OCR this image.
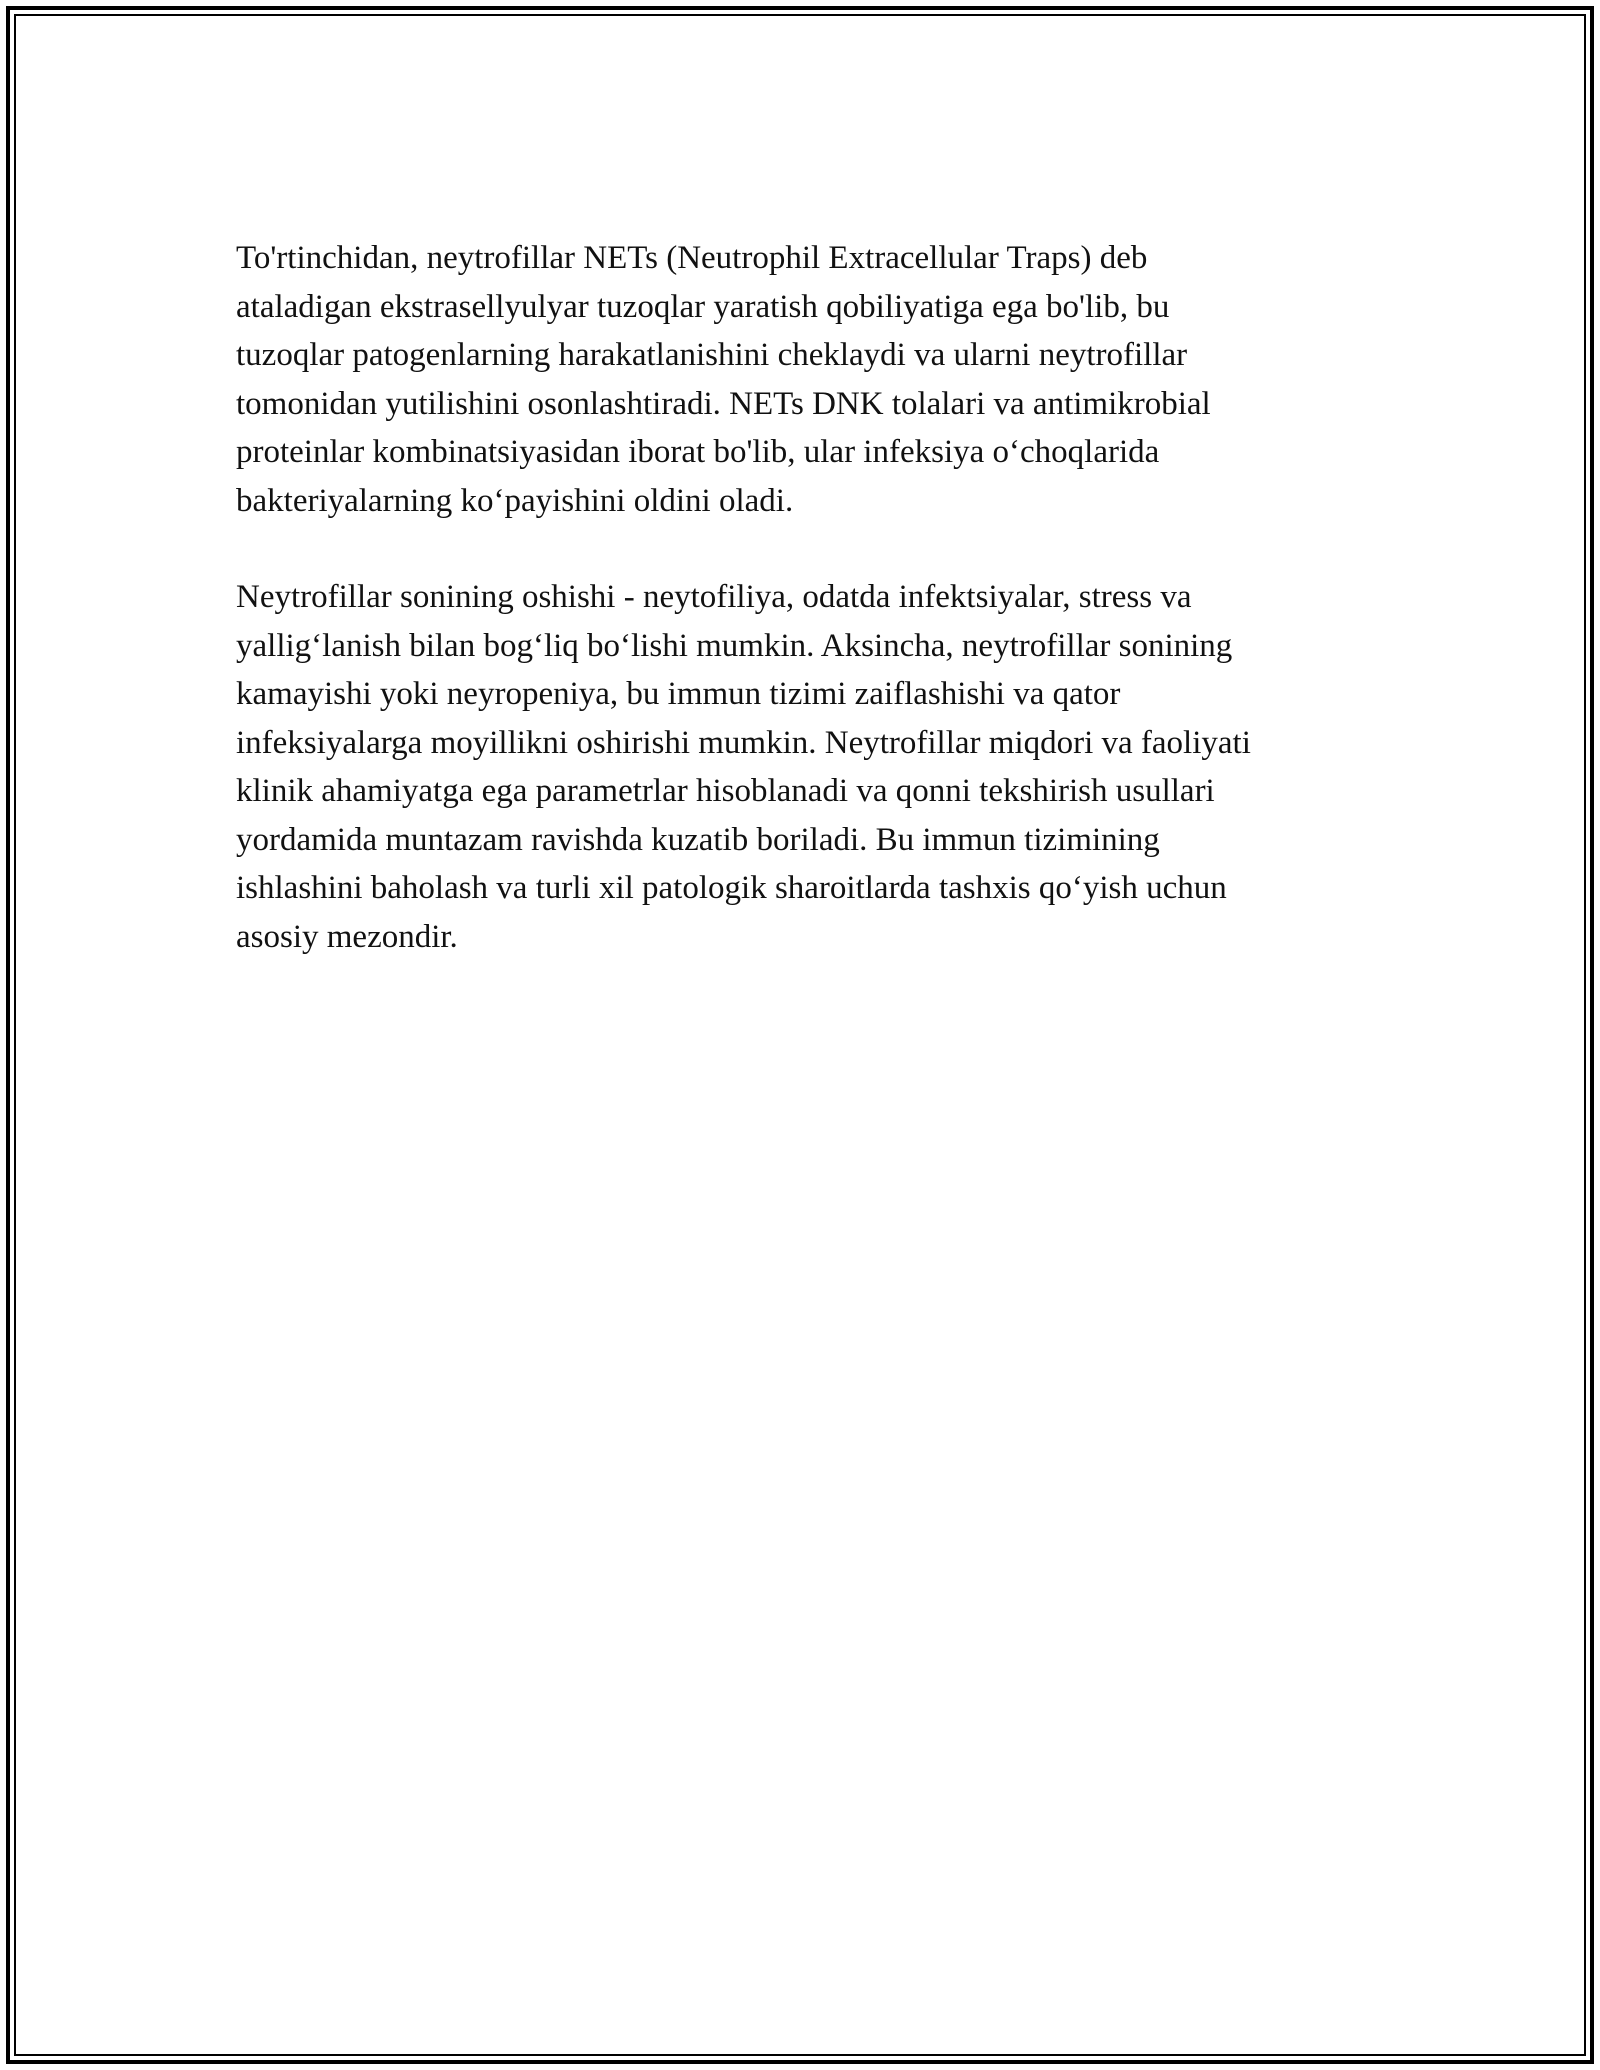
To'rtinchidan, neytrofillar NETs (Neutrophil Extracellular Traps) deb
ataladigan ekstrasellyulyar tuzoqlar yaratish qobiliyatiga ega bo'lib, bu
tuzoqlar patogenlarning harakatlanishini cheklaydi va ularni neytrofillar
tomonidan yutilishini osonlashtiradi. NETs DNK tolalari va antimikrobial
proteinlar kombinatsiyasidan iborat bo'lib, ular infeksiya o‘choqlarida
bakteriyalarning ko‘payishini oldini oladi.

Neytrofillar sonining oshishi - neytofiliya, odatda infektsiyalar, stress va
yallig‘lanish bilan bog‘liq bo‘lishi mumkin. Aksincha, neytrofillar sonining
kamayishi yoki neyropeniya, bu immun tizimi zaiflashishi va qator
infeksiyalarga moyillikni oshirishi mumkin. Neytrofillar miqdori va faoliyati
klinik ahamiyatga ega parametrlar hisoblanadi va qonni tekshirish usullari
yordamida muntazam ravishda kuzatib boriladi. Bu immun tizimining
ishlashini baholash va turli xil patologik sharoitlarda tashxis qo‘yish uchun
asosiy mezondir.
